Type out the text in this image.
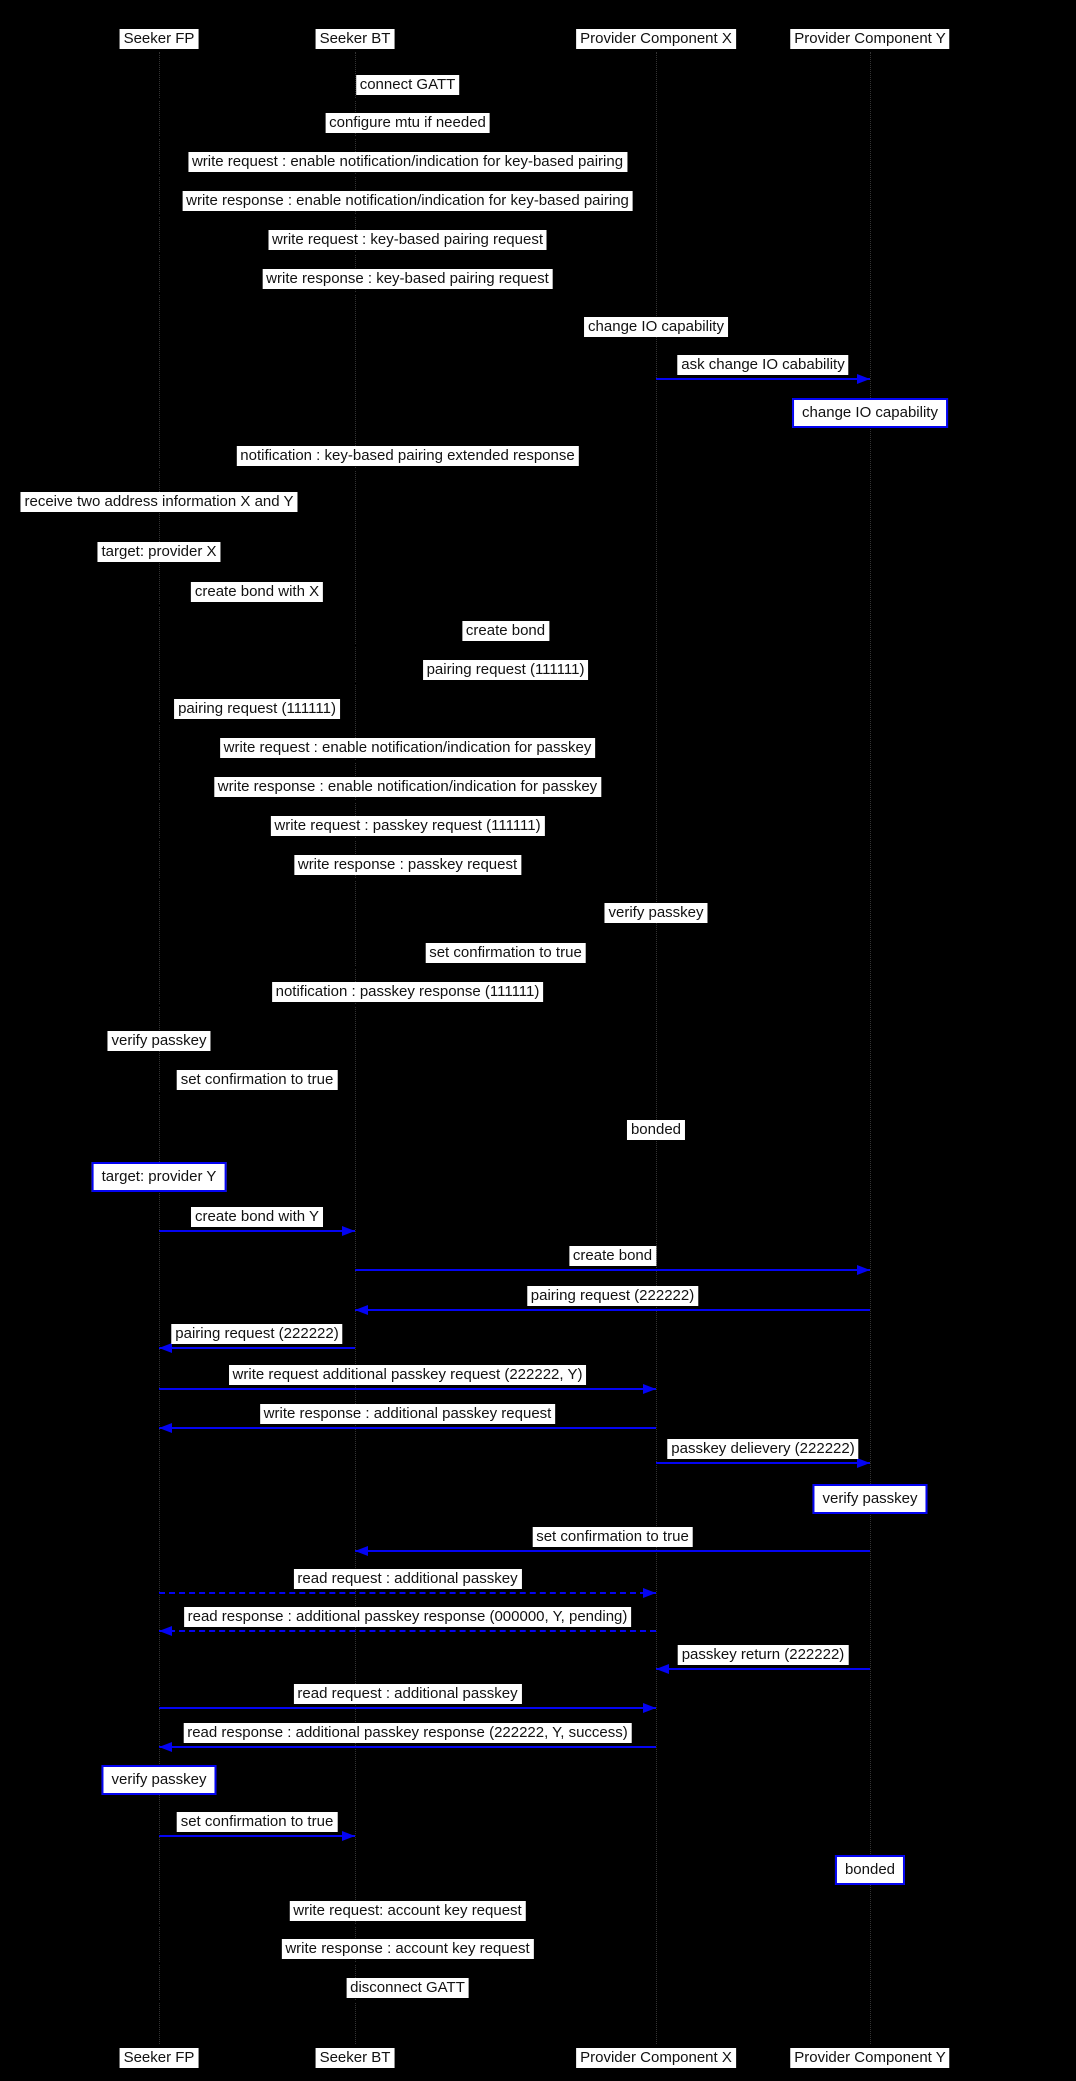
Seeker FP
Seeker FP
Seeker BT
Seeker BT
Provider Component X
Provider Component X
Provider Component Y
Provider Component Y
connect GATT
configure mtu if needed
write request : enable notification/indication for key-based pairing
write response : enable notification/indication for key-based pairing
write request : key-based pairing request
write response : key-based pairing request
change IO capability
ask change IO cabability
change IO capability
notification : key-based pairing extended response
receive two address information X and Y
target: provider X
create bond with X
create bond
pairing request (111111)
pairing request (111111)
write request : enable notification/indication for passkey
write response : enable notification/indication for passkey
write request : passkey request (111111)
write response : passkey request
verify passkey
set confirmation to true
notification : passkey response (111111)
verify passkey
set confirmation to true
bonded
target: provider Y
create bond with Y
create bond
pairing request (222222)
pairing request (222222)
write request additional passkey request (222222, Y)
write response : additional passkey request
passkey delievery (222222)
verify passkey
set confirmation to true
read request : additional passkey
read response : additional passkey response (000000, Y, pending)
passkey return (222222)
read request : additional passkey
read response : additional passkey response (222222, Y, success)
verify passkey
set confirmation to true
bonded
write request: account key request
write response : account key request
disconnect GATT
